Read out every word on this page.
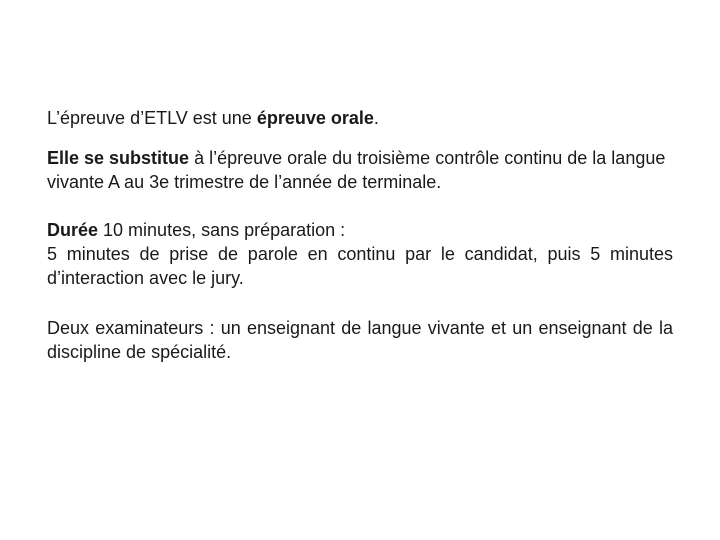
L’épreuve d’ETLV est une épreuve orale.

Elle se substitue à l’épreuve orale du troisième contrôle continu de la langue vivante A au 3e trimestre de l’année de terminale.

Durée 10 minutes, sans préparation :
5 minutes de prise de parole en continu par le candidat, puis 5 minutes d’interaction avec le jury.

Deux examinateurs : un enseignant de langue vivante et un enseignant de la discipline de spécialité.
